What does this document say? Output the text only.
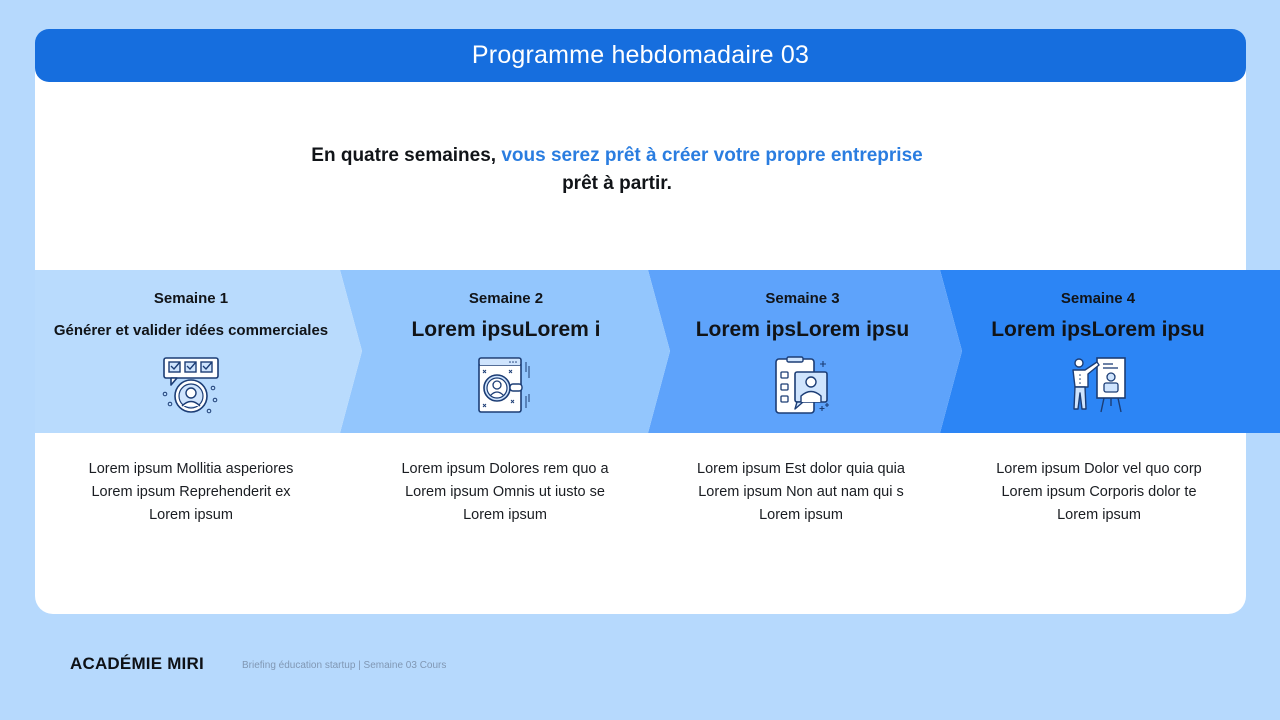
Programme hebdomadaire 03
En quatre semaines, vous serez prêt à créer votre propre entreprise
prêt à partir.
Semaine 1
Générer et valider idées commerciales
Semaine 2
Lorem ipsuLorem i
Semaine 3
Lorem ipsLorem ipsu
Semaine 4
Lorem ipsLorem ipsu
Lorem ipsum Mollitia asperiores
Lorem ipsum Reprehenderit ex
Lorem ipsum
Lorem ipsum Dolores rem quo a
Lorem ipsum Omnis ut iusto se
Lorem ipsum
Lorem ipsum Est dolor quia quia
Lorem ipsum Non aut nam qui s
Lorem ipsum
Lorem ipsum Dolor vel quo corp
Lorem ipsum Corporis dolor te
Lorem ipsum
ACADÉMIE MIRI	Briefing éducation startup | Semaine 03 Cours
